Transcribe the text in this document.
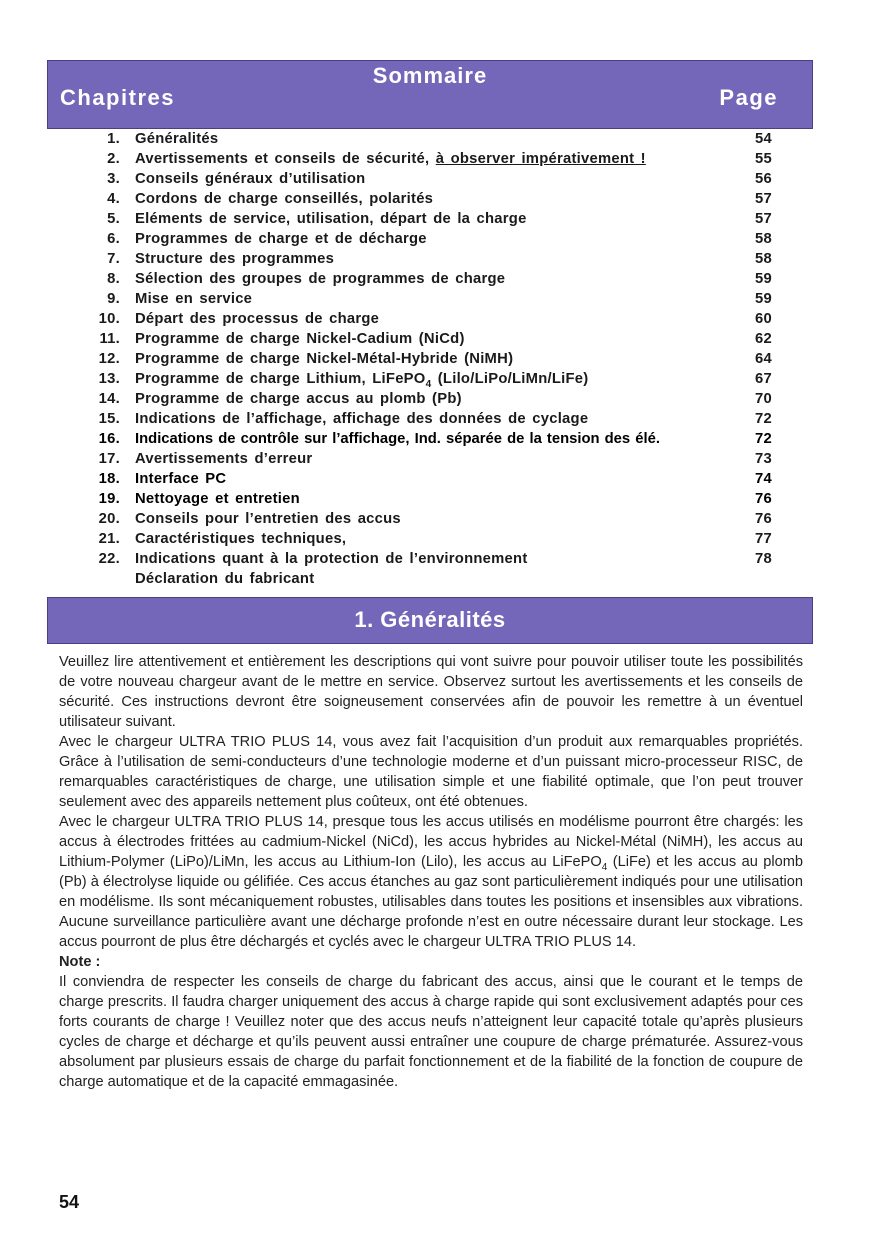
Sommaire
Chapitres	Page
1.	Généralités	54
2.	Avertissements et conseils de sécurité, à observer impérativement !	55
3.	Conseils généraux d’utilisation	56
4.	Cordons de charge conseillés, polarités	57
5.	Eléments de service, utilisation, départ de la charge	57
6.	Programmes de charge et de décharge	58
7.	Structure des programmes	58
8.	Sélection des groupes de programmes de charge	59
9.	Mise en service	59
10.	Départ des processus de charge	60
11.	Programme de charge Nickel-Cadium (NiCd)	62
12.	Programme de charge Nickel-Métal-Hybride (NiMH)	64
13.	Programme de charge Lithium, LiFePO$_4$ (Lilo/LiPo/LiMn/LiFe)	67
14.	Programme de charge accus au plomb (Pb)	70
15.	Indications de l’affichage, affichage des données de cyclage	72
16.	Indications de contrôle sur l’affichage, Ind. séparée de la tension des élé.	72
17.	Avertissements d’erreur	73
18.	Interface PC	74
19.	Nettoyage et entretien	76
20.	Conseils pour l’entretien des accus	76
21.	Caractéristiques techniques,	77
22.	Indications quant à la protection de l’environnement	78
Déclaration du fabricant
1. Généralités

Veuillez lire attentivement et entièrement les descriptions qui vont suivre pour pouvoir utiliser toute les possibilités de votre nouveau chargeur avant de le mettre en service. Observez surtout les avertissements et les conseils de sécurité. Ces instructions devront être soigneusement conservées afin de pouvoir les remettre à un éventuel utilisateur suivant.

Avec le chargeur ULTRA TRIO PLUS 14, vous avez fait l’acquisition d’un produit aux remarquables propriétés. Grâce à l’utilisation de semi-conducteurs d’une technologie moderne et d’un puissant micro-processeur RISC, de remarquables caractéristiques de charge, une utilisation simple et une fiabilité optimale, que l’on peut trouver seulement avec des appareils nettement plus coûteux, ont été obtenues.

Avec le chargeur ULTRA TRIO PLUS 14, presque tous les accus utilisés en modélisme pourront être chargés: les accus à électrodes frittées au cadmium-Nickel (NiCd), les accus hybrides au Nickel-Métal (NiMH), les accus au Lithium-Polymer (LiPo)/LiMn, les accus au Lithium-Ion (Lilo), les accus au LiFePO$_4$ (LiFe) et les accus au plomb (Pb) à électrolyse liquide ou gélifiée. Ces accus étanches au gaz sont particulièrement indiqués pour une utilisation en modélisme. Ils sont mécaniquement robustes, utilisables dans toutes les positions et insensibles aux vibrations. Aucune surveillance particulière avant une décharge profonde n’est en outre nécessaire durant leur stockage. Les accus pourront de plus être déchargés et cyclés avec le chargeur ULTRA TRIO PLUS 14.

Note :

Il conviendra de respecter les conseils de charge du fabricant des accus, ainsi que le courant et le temps de charge prescrits. Il faudra charger uniquement des accus à charge rapide qui sont exclusivement adaptés pour ces forts courants de charge ! Veuillez noter que des accus neufs n’atteignent leur capacité totale qu’après plusieurs cycles de charge et décharge et qu’ils peuvent aussi entraîner une coupure de charge prématurée. Assurez-vous absolument par plusieurs essais de charge du parfait fonctionnement et de la fiabilité de la fonction de coupure de charge automatique et de la capacité emmagasinée.

54
